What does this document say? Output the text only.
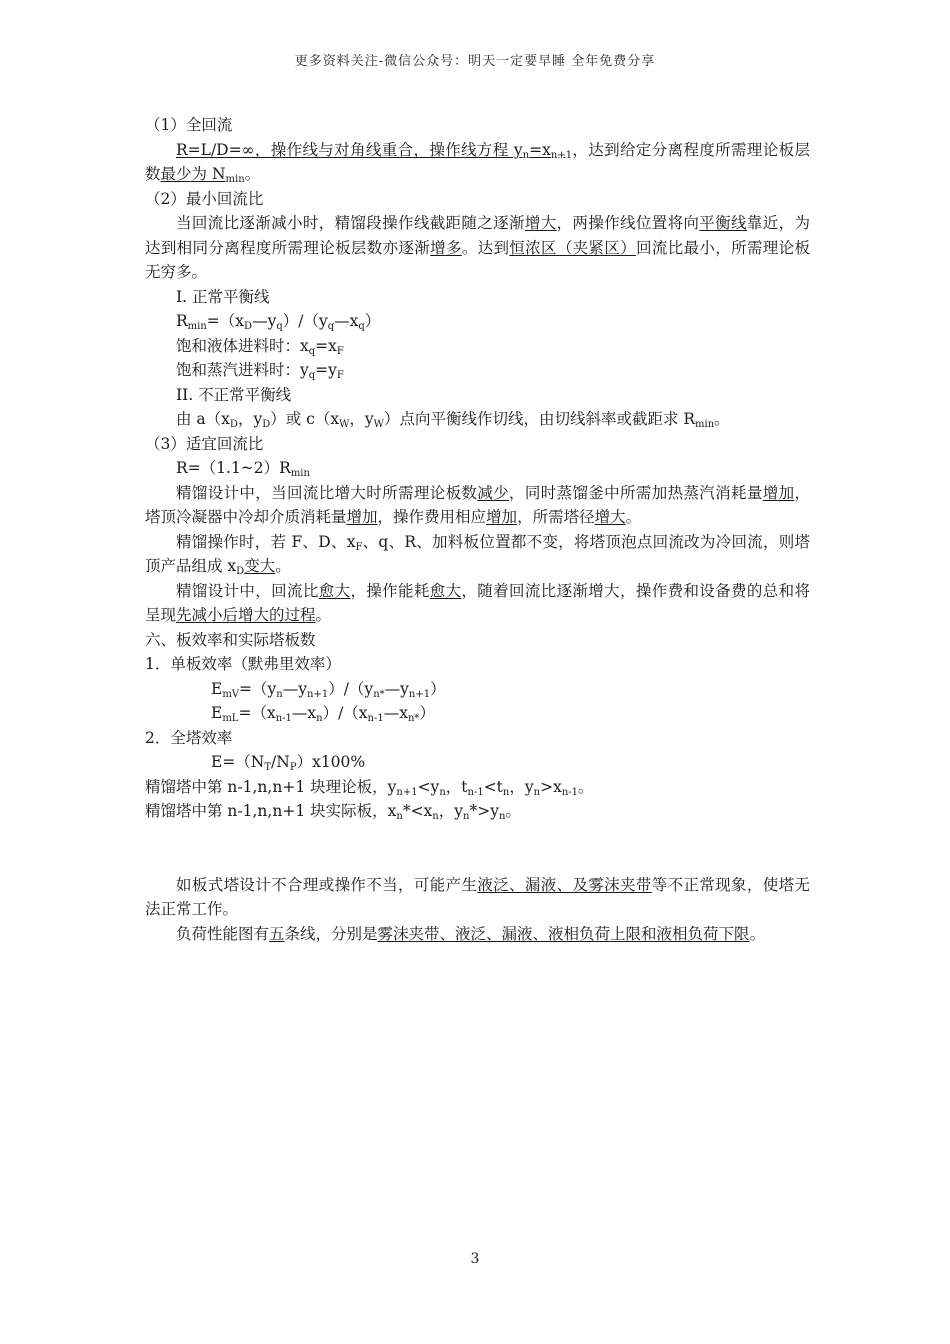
更多资料关注-微信公众号：明天一定要早睡 全年免费分享

（1）全回流

R=L/D=∞，操作线与对角线重合，操作线方程 $y_n=x_{n+1}$，达到给定分离程度所需理论板层数最少为 $N_{min}$。

（2）最小回流比

当回流比逐渐减小时，精馏段操作线截距随之逐渐增大，两操作线位置将向平衡线靠近，为达到相同分离程度所需理论板层数亦逐渐增多。达到恒浓区（夹紧区）回流比最小，所需理论板无穷多。

I. 正常平衡线

$R_{min}=(x_D—y_q)/(y_q—x_q)$

饱和液体进料时：$x_q=x_F$

饱和蒸汽进料时：$y_q=y_F$

II. 不正常平衡线

由 $a(x_D$，$y_D$）或 $c(x_W$，$y_W$）点向平衡线作切线，由切线斜率或截距求 $R_{min}$。

（3）适宜回流比

$R=(1.1\sim 2)R_{min}$

精馏设计中，当回流比增大时所需理论板数减少，同时蒸馏釜中所需加热蒸汽消耗量增加，塔顶冷凝器中冷却介质消耗量增加，操作费用相应增加，所需塔径增大。

精馏操作时，若 F、D、$x_F$、q、R、加料板位置都不变，将塔顶泡点回流改为冷回流，则塔顶产品组成 $x_D$变大。

精馏设计中，回流比愈大，操作能耗愈大，随着回流比逐渐增大，操作费和设备费的总和将呈现先减小后增大的过程。

六、板效率和实际塔板数

1．单板效率（默弗里效率）

$E_{mV}=(y_n—y_{n+1})/(y_{n*}—y_{n+1})$

$E_{mL}=(x_{n-1}—x_n)/(x_{n-1}—x_{n*})$

2．全塔效率

$E=(N_T/N_P)x100\%$

精馏塔中第 n-1,n,n+1 块理论板，$y_{n+1}<y_n$，$t_{n-1}<t_n$，$y_n>x_{n-1}$。

精馏塔中第 n-1,n,n+1 块实际板，$x_n*<x_n$，$y_n*>y_n$。

如板式塔设计不合理或操作不当，可能产生液泛、漏液、及雾沫夹带等不正常现象，使塔无法正常工作。

负荷性能图有五条线，分别是雾沫夹带、液泛、漏液、液相负荷上限和液相负荷下限。

3
